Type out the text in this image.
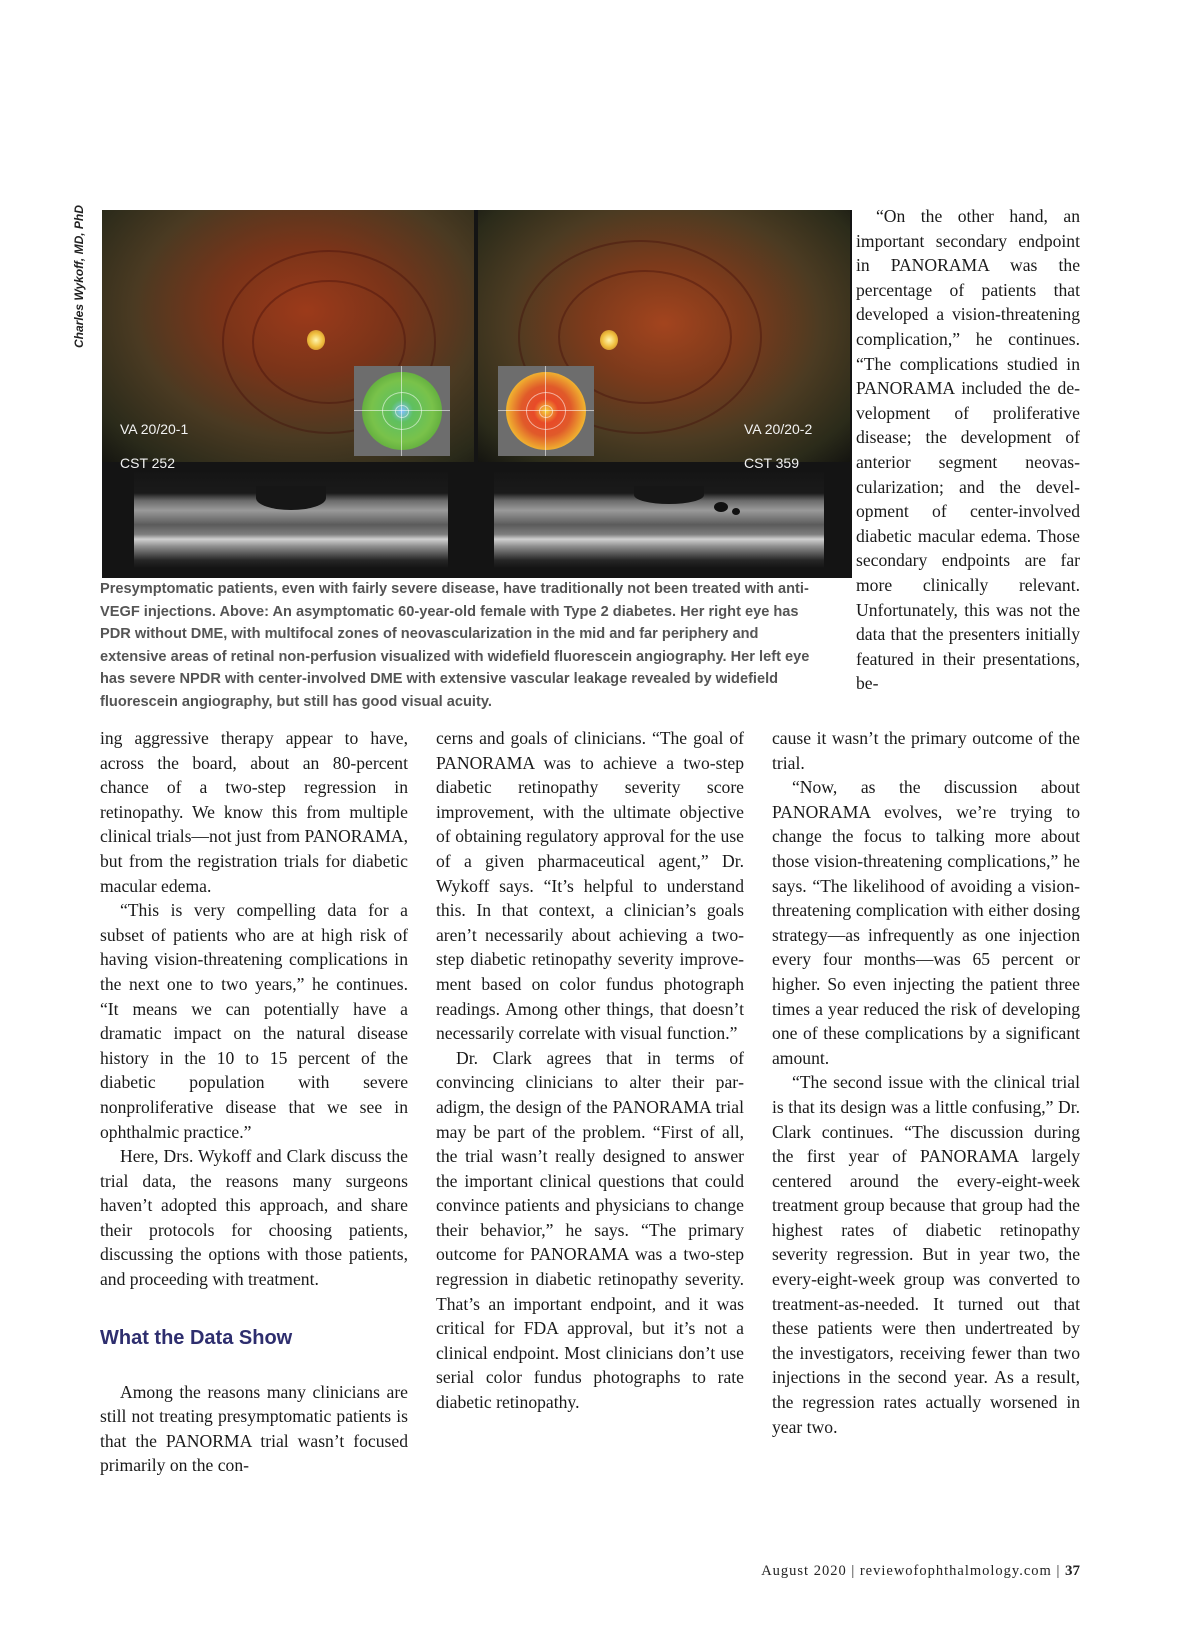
Charles Wykoff, MD, PhD

VA 20/20-1

CST 252

VA 20/20-2

CST 359

Presymptomatic patients, even with fairly severe disease, have traditionally not been treated with anti-VEGF injections. Above: An asymptomatic 60-year-old female with Type 2 diabetes. Her right eye has PDR without DME, with multifocal zones of neovascularization in the mid and far periphery and extensive areas of retinal non-perfusion visualized with widefield fluorescein angiography. Her left eye has severe NPDR with center-involved DME with extensive vascular leakage revealed by widefield fluorescein angiography, but still has good visual acuity.

“On the other hand, an important secondary endpoint in PANORAMA was the percentage of patients that developed a vision-threatening complication,” he continues. “The complications studied in PANORAMA included the development of proliferative disease; the development of anterior segment neovascularization; and the development of center-involved diabetic macular edema. Those secondary endpoints are far more clinically relevant. Unfortunately, this was not the data that the presenters initially featured in their presentations, be-

ing aggressive therapy appear to have, across the board, about an 80-percent chance of a two-step regression in retinopathy. We know this from multiple clinical trials—not just from PANORAMA, but from the registration trials for diabetic macular edema.

“This is very compelling data for a subset of patients who are at high risk of having vision-threatening complications in the next one to two years,” he continues. “It means we can potentially have a dramatic impact on the natural disease history in the 10 to 15 percent of the diabetic population with severe nonproliferative disease that we see in ophthalmic practice.”

Here, Drs. Wykoff and Clark discuss the trial data, the reasons many surgeons haven’t adopted this approach, and share their protocols for choosing patients, discussing the options with those patients, and proceeding with treatment.

What the Data Show

Among the reasons many clinicians are still not treating presymptomatic patients is that the PANORMA trial wasn’t focused primarily on the con-

cerns and goals of clinicians. “The goal of PANORAMA was to achieve a two-step diabetic retinopathy severity score improvement, with the ultimate objective of obtaining regulatory approval for the use of a given pharmaceutical agent,” Dr. Wykoff says. “It’s helpful to understand this. In that context, a clinician’s goals aren’t necessarily about achieving a two-step diabetic retinopathy severity improvement based on color fundus photograph readings. Among other things, that doesn’t necessarily correlate with visual function.”

Dr. Clark agrees that in terms of convincing clinicians to alter their paradigm, the design of the PANORAMA trial may be part of the problem. “First of all, the trial wasn’t really designed to answer the important clinical questions that could convince patients and physicians to change their behavior,” he says. “The primary outcome for PANORAMA was a two-step regression in diabetic retinopathy severity. That’s an important endpoint, and it was critical for FDA approval, but it’s not a clinical endpoint. Most clinicians don’t use serial color fundus photographs to rate diabetic retinopathy.

cause it wasn’t the primary outcome of the trial.

“Now, as the discussion about PANORAMA evolves, we’re trying to change the focus to talking more about those vision-threatening complications,” he says. “The likelihood of avoiding a vision-threatening complication with either dosing strategy—as infrequently as one injection every four months—was 65 percent or higher. So even injecting the patient three times a year reduced the risk of developing one of these complications by a significant amount.

“The second issue with the clinical trial is that its design was a little confusing,” Dr. Clark continues. “The discussion during the first year of PANORAMA largely centered around the every-eight-week treatment group because that group had the highest rates of diabetic retinopathy severity regression. But in year two, the every-eight-week group was converted to treatment-as-needed. It turned out that these patients were then undertreated by the investigators, receiving fewer than two injections in the second year. As a result, the regression rates actually worsened in year two.

August 2020 | reviewofophthalmology.com | 37
